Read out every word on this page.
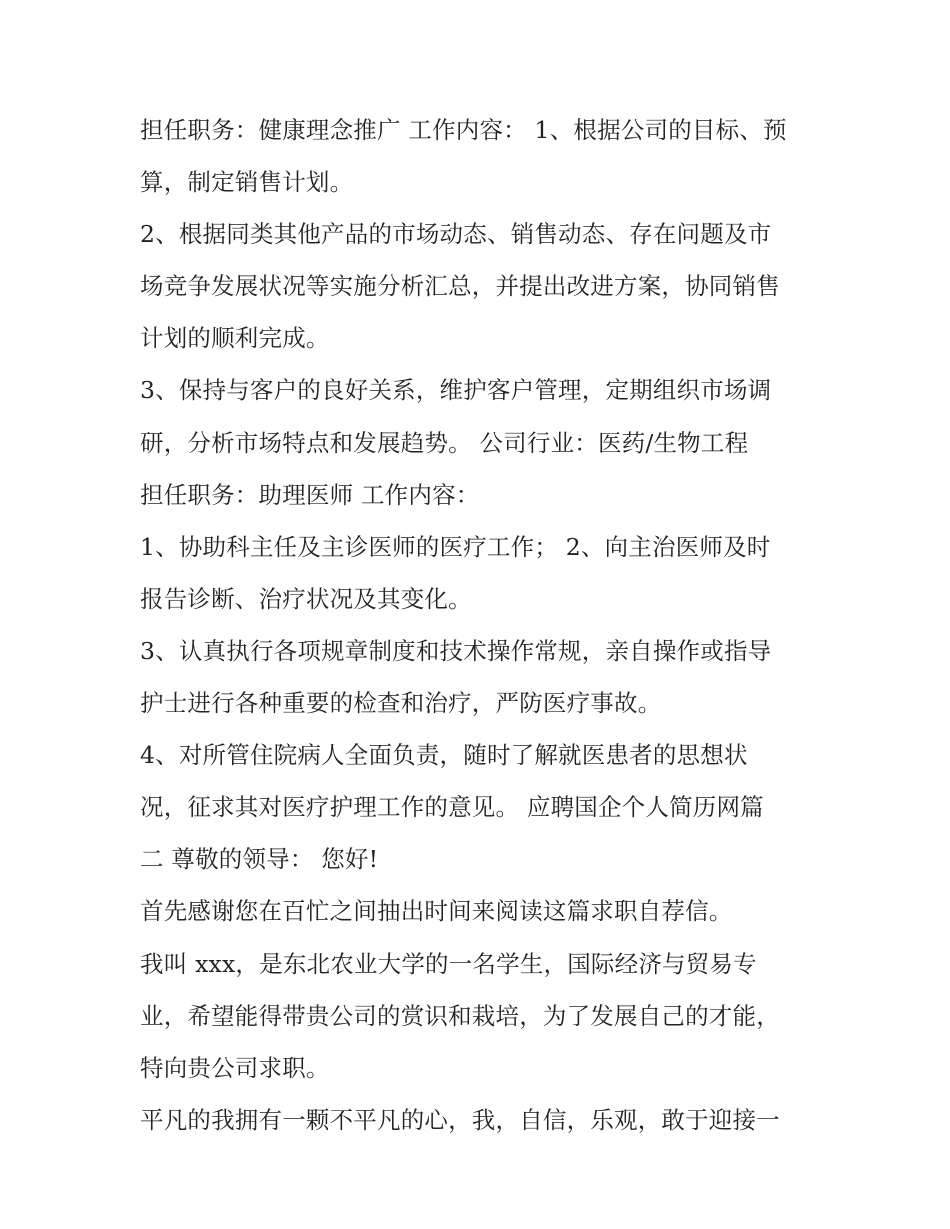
担任职务：健康理念推广 工作内容： 1、根据公司的目标、预
算，制定销售计划。
2、根据同类其他产品的市场动态、销售动态、存在问题及市
场竞争发展状况等实施分析汇总，并提出改进方案，协同销售
计划的顺利完成。
3、保持与客户的良好关系，维护客户管理，定期组织市场调
研，分析市场特点和发展趋势。 公司行业：医药/生物工程
担任职务：助理医师 工作内容：
1、协助科主任及主诊医师的医疗工作； 2、向主治医师及时
报告诊断、治疗状况及其变化。
3、认真执行各项规章制度和技术操作常规，亲自操作或指导
护士进行各种重要的检查和治疗，严防医疗事故。
4、对所管住院病人全面负责，随时了解就医患者的思想状
况，征求其对医疗护理工作的意见。 应聘国企个人简历网篇
二 尊敬的领导： 您好!
首先感谢您在百忙之间抽出时间来阅读这篇求职自荐信。
我叫 xxx，是东北农业大学的一名学生，国际经济与贸易专
业，希望能得带贵公司的赏识和栽培，为了发展自己的才能，
特向贵公司求职。
平凡的我拥有一颗不平凡的心，我，自信，乐观，敢于迎接一
